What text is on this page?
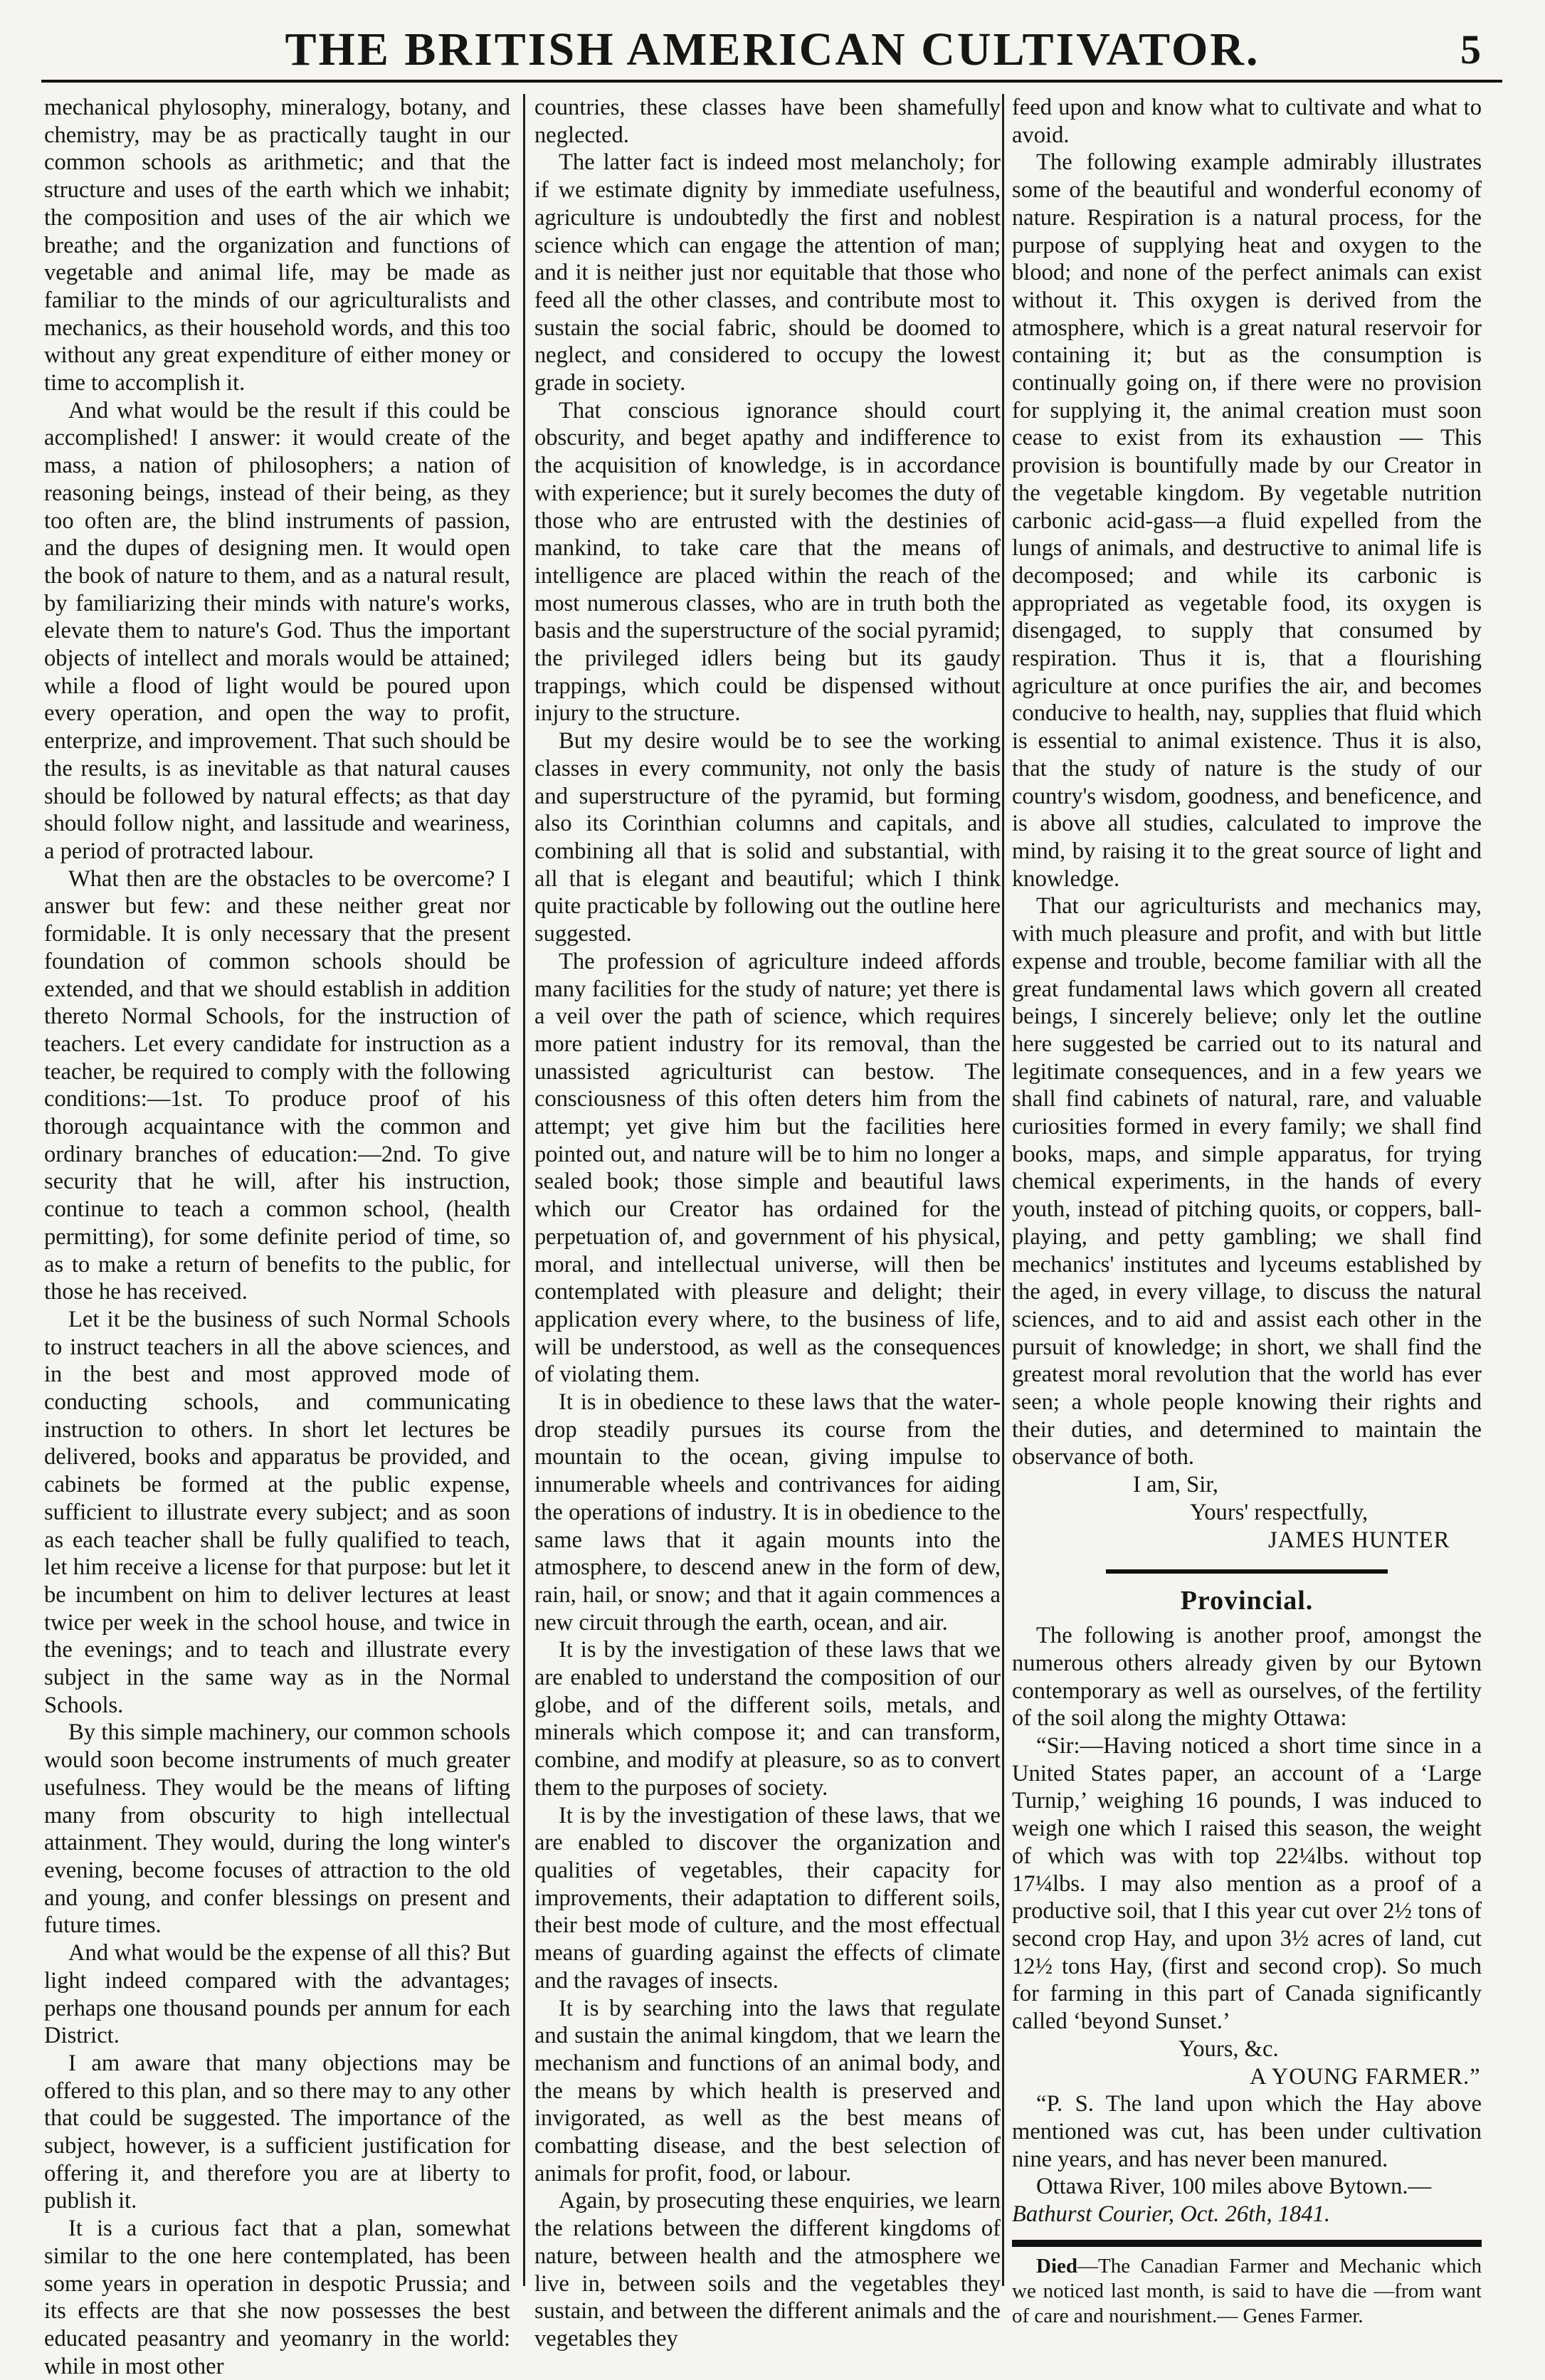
THE BRITISH AMERICAN CULTIVATOR.	5

mechanical phylosophy, mineralogy, botany, and chemistry, may be as practically taught in our common schools as arithmetic; and that the structure and uses of the earth which we inhabit; the composition and uses of the air which we breathe; and the organization and functions of vegetable and animal life, may be made as familiar to the minds of our agriculturalists and mechanics, as their household words, and this too without any great expenditure of either money or time to accomplish it.

And what would be the result if this could be accomplished! I answer: it would create of the mass, a nation of philosophers; a nation of reasoning beings, instead of their being, as they too often are, the blind instruments of passion, and the dupes of designing men. It would open the book of nature to them, and as a natural result, by familiarizing their minds with nature's works, elevate them to nature's God. Thus the important objects of intellect and morals would be attained; while a flood of light would be poured upon every operation, and open the way to profit, enterprize, and improvement. That such should be the results, is as inevitable as that natural causes should be followed by natural effects; as that day should follow night, and lassitude and weariness, a period of protracted labour.

What then are the obstacles to be overcome? I answer but few: and these neither great nor formidable. It is only necessary that the present foundation of common schools should be extended, and that we should establish in addition thereto Normal Schools, for the instruction of teachers. Let every candidate for instruction as a teacher, be required to comply with the following conditions:—1st. To produce proof of his thorough acquaintance with the common and ordinary branches of education:—2nd. To give security that he will, after his instruction, continue to teach a common school, (health permitting), for some definite period of time, so as to make a return of benefits to the public, for those he has received.

Let it be the business of such Normal Schools to instruct teachers in all the above sciences, and in the best and most approved mode of conducting schools, and communicating instruction to others. In short let lectures be delivered, books and apparatus be provided, and cabinets be formed at the public expense, sufficient to illustrate every subject; and as soon as each teacher shall be fully qualified to teach, let him receive a license for that purpose: but let it be incumbent on him to deliver lectures at least twice per week in the school house, and twice in the evenings; and to teach and illustrate every subject in the same way as in the Normal Schools.

By this simple machinery, our common schools would soon become instruments of much greater usefulness. They would be the means of lifting many from obscurity to high intellectual attainment. They would, during the long winter's evening, become focuses of attraction to the old and young, and confer blessings on present and future times.

And what would be the expense of all this? But light indeed compared with the advantages; perhaps one thousand pounds per annum for each District.

I am aware that many objections may be offered to this plan, and so there may to any other that could be suggested. The importance of the subject, however, is a sufficient justification for offering it, and therefore you are at liberty to publish it.

It is a curious fact that a plan, somewhat similar to the one here contemplated, has been some years in operation in despotic Prussia; and its effects are that she now possesses the best educated peasantry and yeomanry in the world: while in most other

countries, these classes have been shamefully neglected.

The latter fact is indeed most melancholy; for if we estimate dignity by immediate usefulness, agriculture is undoubtedly the first and noblest science which can engage the attention of man; and it is neither just nor equitable that those who feed all the other classes, and contribute most to sustain the social fabric, should be doomed to neglect, and considered to occupy the lowest grade in society.

That conscious ignorance should court obscurity, and beget apathy and indifference to the acquisition of knowledge, is in accordance with experience; but it surely becomes the duty of those who are entrusted with the destinies of mankind, to take care that the means of intelligence are placed within the reach of the most numerous classes, who are in truth both the basis and the superstructure of the social pyramid; the privileged idlers being but its gaudy trappings, which could be dispensed without injury to the structure.

But my desire would be to see the working classes in every community, not only the basis and superstructure of the pyramid, but forming also its Corinthian columns and capitals, and combining all that is solid and substantial, with all that is elegant and beautiful; which I think quite practicable by following out the outline here suggested.

The profession of agriculture indeed affords many facilities for the study of nature; yet there is a veil over the path of science, which requires more patient industry for its removal, than the unassisted agriculturist can bestow. The consciousness of this often deters him from the attempt; yet give him but the facilities here pointed out, and nature will be to him no longer a sealed book; those simple and beautiful laws which our Creator has ordained for the perpetuation of, and government of his physical, moral, and intellectual universe, will then be contemplated with pleasure and delight; their application every where, to the business of life, will be understood, as well as the consequences of violating them.

It is in obedience to these laws that the water-drop steadily pursues its course from the mountain to the ocean, giving impulse to innumerable wheels and contrivances for aiding the operations of industry. It is in obedience to the same laws that it again mounts into the atmosphere, to descend anew in the form of dew, rain, hail, or snow; and that it again commences a new circuit through the earth, ocean, and air.

It is by the investigation of these laws that we are enabled to understand the composition of our globe, and of the different soils, metals, and minerals which compose it; and can transform, combine, and modify at pleasure, so as to convert them to the purposes of society.

It is by the investigation of these laws, that we are enabled to discover the organization and qualities of vegetables, their capacity for improvements, their adaptation to different soils, their best mode of culture, and the most effectual means of guarding against the effects of climate and the ravages of insects.

It is by searching into the laws that regulate and sustain the animal kingdom, that we learn the mechanism and functions of an animal body, and the means by which health is preserved and invigorated, as well as the best means of combatting disease, and the best selection of animals for profit, food, or labour.

Again, by prosecuting these enquiries, we learn the relations between the different kingdoms of nature, between health and the atmosphere we live in, between soils and the vegetables they sustain, and between the different animals and the vegetables they

feed upon and know what to cultivate and what to avoid.

The following example admirably illustrates some of the beautiful and wonderful economy of nature. Respiration is a natural process, for the purpose of supplying heat and oxygen to the blood; and none of the perfect animals can exist without it. This oxygen is derived from the atmosphere, which is a great natural reservoir for containing it; but as the consumption is continually going on, if there were no provision for supplying it, the animal creation must soon cease to exist from its exhaustion — This provision is bountifully made by our Creator in the vegetable kingdom. By vegetable nutrition carbonic acid-gass—a fluid expelled from the lungs of animals, and destructive to animal life is decomposed; and while its carbonic is appropriated as vegetable food, its oxygen is disengaged, to supply that consumed by respiration. Thus it is, that a flourishing agriculture at once purifies the air, and becomes conducive to health, nay, supplies that fluid which is essential to animal existence. Thus it is also, that the study of nature is the study of our country's wisdom, goodness, and beneficence, and is above all studies, calculated to improve the mind, by raising it to the great source of light and knowledge.

That our agriculturists and mechanics may, with much pleasure and profit, and with but little expense and trouble, become familiar with all the great fundamental laws which govern all created beings, I sincerely believe; only let the outline here suggested be carried out to its natural and legitimate consequences, and in a few years we shall find cabinets of natural, rare, and valuable curiosities formed in every family; we shall find books, maps, and simple apparatus, for trying chemical experiments, in the hands of every youth, instead of pitching quoits, or coppers, ball-playing, and petty gambling; we shall find mechanics' institutes and lyceums established by the aged, in every village, to discuss the natural sciences, and to aid and assist each other in the pursuit of knowledge; in short, we shall find the greatest moral revolution that the world has ever seen; a whole people knowing their rights and their duties, and determined to maintain the observance of both.

I am, Sir,
Yours' respectfully,
JAMES HUNTER
Provincial.

The following is another proof, amongst the numerous others already given by our Bytown contemporary as well as ourselves, of the fertility of the soil along the mighty Ottawa:

“Sir:—Having noticed a short time since in a United States paper, an account of a ‘Large Turnip,’ weighing 16 pounds, I was induced to weigh one which I raised this season, the weight of which was with top 22¼lbs. without top 17¼lbs. I may also mention as a proof of a productive soil, that I this year cut over 2½ tons of second crop Hay, and upon 3½ acres of land, cut 12½ tons Hay, (first and second crop). So much for farming in this part of Canada significantly called ‘beyond Sunset.’

Yours, &c.

A YOUNG FARMER.”

“P. S. The land upon which the Hay above mentioned was cut, has been under cultivation nine years, and has never been manured.

Ottawa River, 100 miles above Bytown.—

Bathurst Courier, Oct. 26th, 1841.

Died—The Canadian Farmer and Mechanic which we noticed last month, is said to have die —from want of care and nourishment.— Genes Farmer.
